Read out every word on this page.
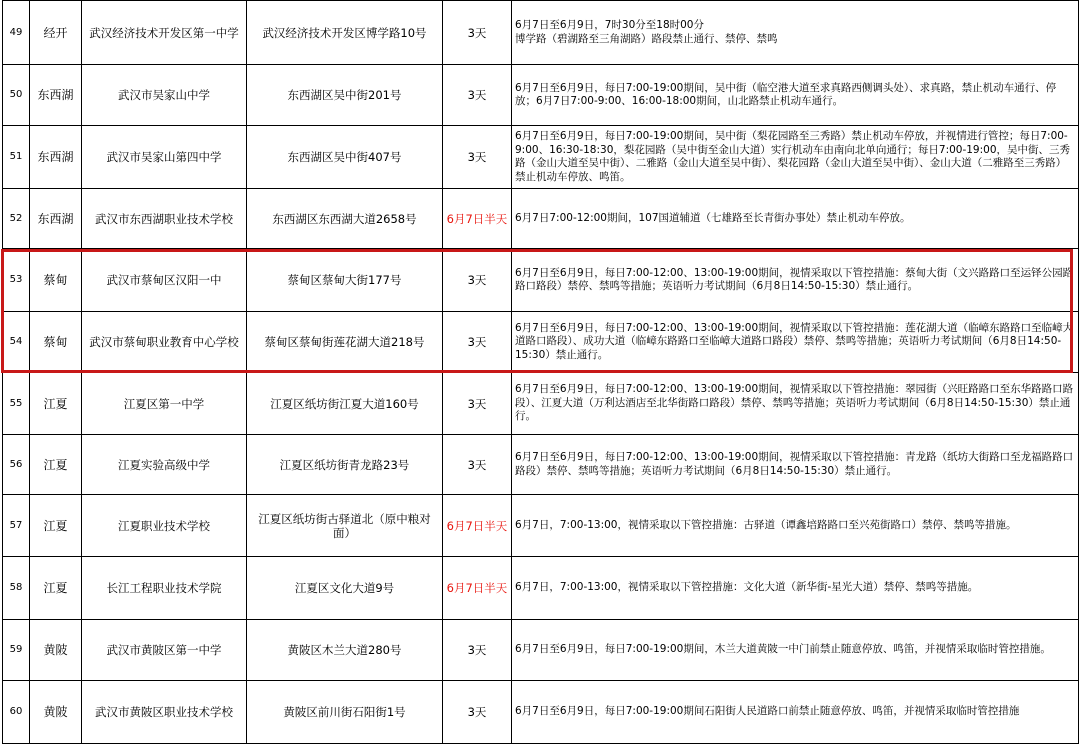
49	经开	武汉经济技术开发区第一中学	武汉经济技术开发区博学路10号	3天	6月7日至6月9日，7时30分至18时00分
博学路（碧湖路至三角湖路）路段禁止通行、禁停、禁鸣
50	东西湖	武汉市吴家山中学	东西湖区吴中街201号	3天	6月7日至6月9日，每日7:00-19:00期间，吴中街（临空港大道至求真路西侧调头处）、求真路，禁止机动车通行、停放；6月7日7:00-9:00、16:00-18:00期间，山北路禁止机动车通行。
51	东西湖	武汉市吴家山第四中学	东西湖区吴中街407号	3天	6月7日至6月9日，每日7:00-19:00期间，吴中街（梨花园路至三秀路）禁止机动车停放，并视情进行管控；每日7:00-9:00、16:30-18:30，梨花园路（吴中街至金山大道）实行机动车由南向北单向通行；每日7:00-19:00，吴中街、三秀路（金山大道至吴中街）、二雅路（金山大道至吴中街）、梨花园路（金山大道至吴中街）、金山大道（二雅路至三秀路）禁止机动车停放、鸣笛。
52	东西湖	武汉市东西湖职业技术学校	东西湖区东西湖大道2658号	6月7日半天	6月7日7:00-12:00期间，107国道辅道（七雄路至长青街办事处）禁止机动车停放。
53	蔡甸	武汉市蔡甸区汉阳一中	蔡甸区蔡甸大街177号	3天	6月7日至6月9日，每日7:00-12:00、13:00-19:00期间，视情采取以下管控措施：蔡甸大街（文兴路路口至运铎公园路路口路段）禁停、禁鸣等措施；英语听力考试期间（6月8日14:50-15:30）禁止通行。
54	蔡甸	武汉市蔡甸职业教育中心学校	蔡甸区蔡甸街莲花湖大道218号	3天	6月7日至6月9日，每日7:00-12:00、13:00-19:00期间，视情采取以下管控措施：莲花湖大道（临嶂东路路口至临嶂大道路口路段）、成功大道（临嶂东路路口至临嶂大道路口路段）禁停、禁鸣等措施；英语听力考试期间（6月8日14:50-15:30）禁止通行。
55	江夏	江夏区第一中学	江夏区纸坊街江夏大道160号	3天	6月7日至6月9日，每日7:00-12:00、13:00-19:00期间，视情采取以下管控措施：翠园街（兴旺路路口至东华路路口路段）、江夏大道（万利达酒店至北华街路口路段）禁停、禁鸣等措施；英语听力考试期间（6月8日14:50-15:30）禁止通行。
56	江夏	江夏实验高级中学	江夏区纸坊街青龙路23号	3天	6月7日至6月9日，每日7:00-12:00、13:00-19:00期间，视情采取以下管控措施：青龙路（纸坊大街路口至龙福路路口路段）禁停、禁鸣等措施；英语听力考试期间（6月8日14:50-15:30）禁止通行。
57	江夏	江夏职业技术学校	江夏区纸坊街古驿道北（原中粮对面）	6月7日半天	6月7日，7:00-13:00，视情采取以下管控措施：古驿道（谭鑫培路路口至兴苑街路口）禁停、禁鸣等措施。
58	江夏	长江工程职业技术学院	江夏区文化大道9号	6月7日半天	6月7日，7:00-13:00，视情采取以下管控措施：文化大道（新华街-星光大道）禁停、禁鸣等措施。
59	黄陂	武汉市黄陂区第一中学	黄陂区木兰大道280号	3天	6月7日至6月9日，每日7:00-19:00期间，木兰大道黄陂一中门前禁止随意停放、鸣笛，并视情采取临时管控措施。
60	黄陂	武汉市黄陂区职业技术学校	黄陂区前川街石阳街1号	3天	6月7日至6月9日，每日7:00-19:00期间石阳街人民道路口前禁止随意停放、鸣笛，并视情采取临时管控措施
